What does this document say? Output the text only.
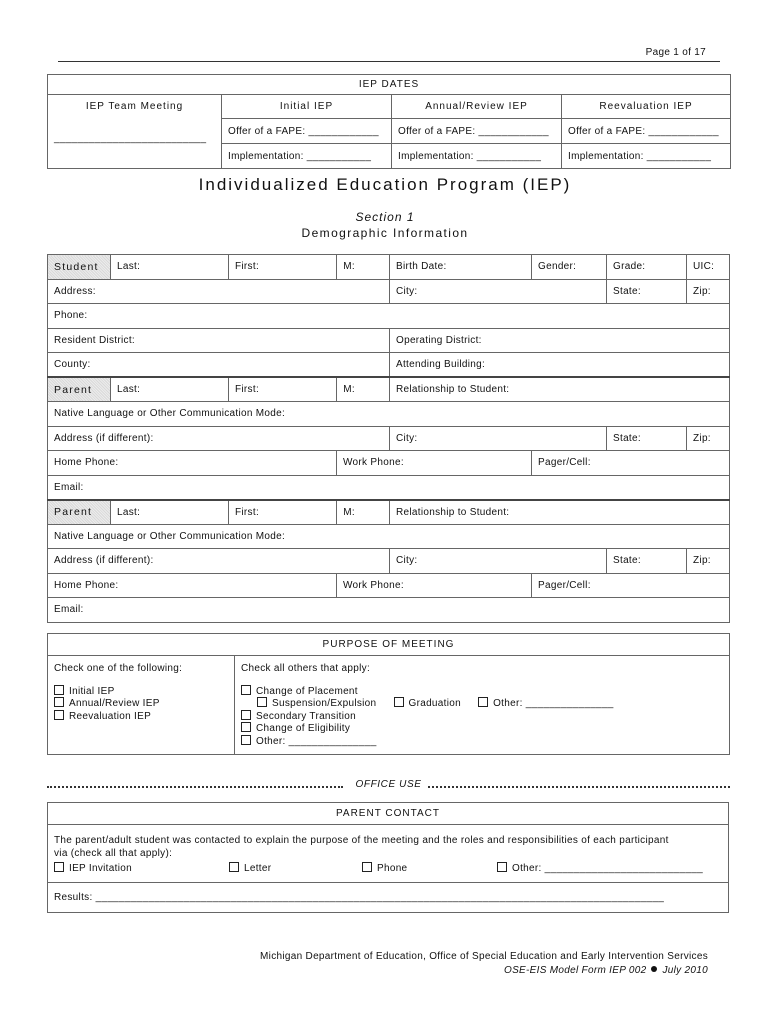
Page 1 of 17
IEP DATES			
IEP Team Meeting	Initial IEP	Annual/Review IEP	Reevaluation IEP
__________________________	Offer of a FAPE: ____________	Offer of a FAPE: ____________	Offer of a FAPE: ____________
	Implementation: ___________	Implementation: ___________	Implementation: ___________
Individualized Education Program (IEP)
Section 1
Demographic Information
Student	Last:	First:	M:	Birth Date:	Gender:	Grade:	UIC:
Address:				City:		State:	Zip:
Phone:							
Resident District:				Operating District:			
County:				Attending Building:			
Parent	Last:	First:	M:	Relationship to Student:			
Native Language or Other Communication Mode:							
Address (if different):				City:		State:	Zip:
Home Phone:			Work Phone:		Pager/Cell:		
Email:							
Parent	Last:	First:	M:	Relationship to Student:			
Native Language or Other Communication Mode:							
Address (if different):				City:		State:	Zip:
Home Phone:			Work Phone:		Pager/Cell:		
Email:							
PURPOSE OF MEETING

Check one of the following:
Initial IEP
Annual/Review IEP
Reevaluation IEP

Check all others that apply:
Change of Placement
Suspension/Expulsion	Graduation	Other: _______________
Secondary Transition
Change of Eligibility
Other: _______________
OFFICE USE
PARENT CONTACT

The parent/adult student was contacted to explain the purpose of the meeting and the roles and responsibilities of each participant via (check all that apply):
IEP Invitation	Letter	Phone	Other: ___________________________

Results: _________________________________________________________________________________________________
Michigan Department of Education, Office of Special Education and Early Intervention Services
OSE-EIS Model Form IEP 002 July 2010
